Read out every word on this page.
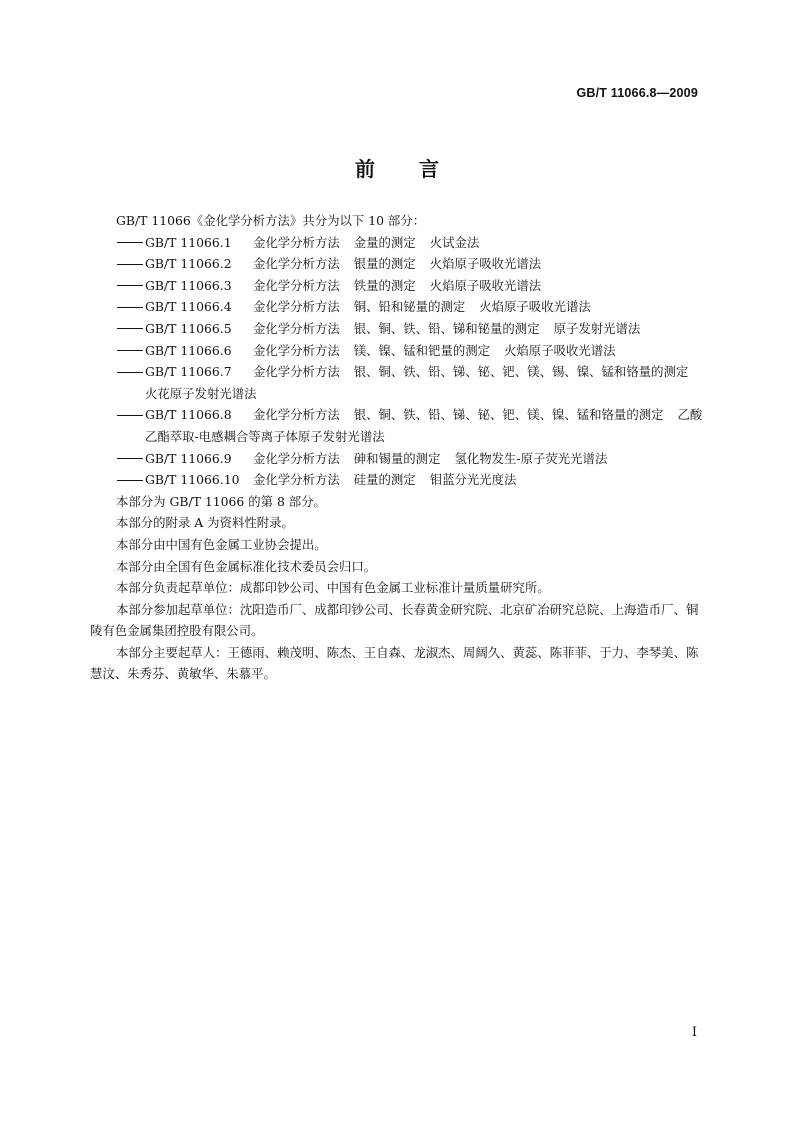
GB/T 11066.8—2009
前 言

GB/T 11066《金化学分析方法》共分为以下 10 部分：

GB/T 11066.1 金化学分析方法 金量的测定 火试金法
GB/T 11066.2 金化学分析方法 银量的测定 火焰原子吸收光谱法
GB/T 11066.3 金化学分析方法 铁量的测定 火焰原子吸收光谱法
GB/T 11066.4 金化学分析方法 铜、铅和铋量的测定 火焰原子吸收光谱法
GB/T 11066.5 金化学分析方法 银、铜、铁、铅、锑和铋量的测定 原子发射光谱法
GB/T 11066.6 金化学分析方法 镁、镍、锰和钯量的测定 火焰原子吸收光谱法
GB/T 11066.7 金化学分析方法 银、铜、铁、铅、锑、铋、钯、镁、锡、镍、锰和铬量的测定火花原子发射光谱法
GB/T 11066.8 金化学分析方法 银、铜、铁、铅、锑、铋、钯、镁、镍、锰和铬量的测定 乙酸乙酯萃取-电感耦合等离子体原子发射光谱法
GB/T 11066.9 金化学分析方法 砷和锡量的测定 氢化物发生-原子荧光光谱法
GB/T 11066.10 金化学分析方法 硅量的测定 钼蓝分光光度法

本部分为 GB/T 11066 的第 8 部分。

本部分的附录 A 为资料性附录。

本部分由中国有色金属工业协会提出。

本部分由全国有色金属标准化技术委员会归口。

本部分负责起草单位：成都印钞公司、中国有色金属工业标准计量质量研究所。

本部分参加起草单位：沈阳造币厂、成都印钞公司、长春黄金研究院、北京矿冶研究总院、上海造币厂、铜陵有色金属集团控股有限公司。

本部分主要起草人：王德雨、赖茂明、陈杰、王自森、龙淑杰、周阔久、黄蕊、陈菲菲、于力、李琴美、陈慧汶、朱秀芬、黄敏华、朱慕平。

I
